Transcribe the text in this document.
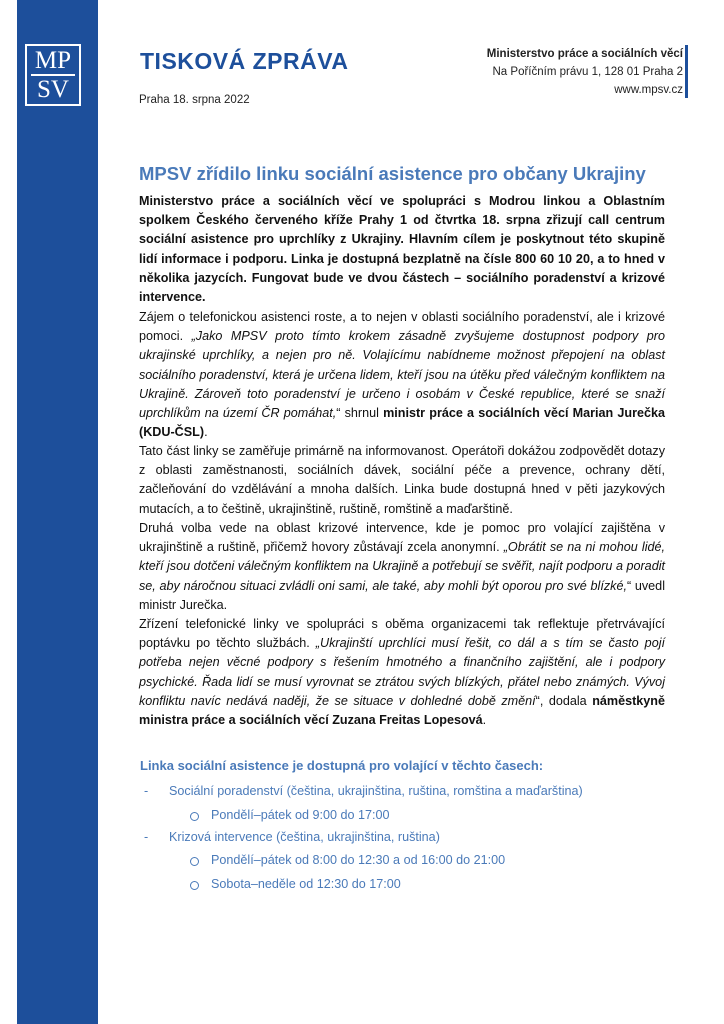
MP
SV
TISKOVÁ ZPRÁVA
Praha 18. srpna 2022
Ministerstvo práce a sociálních věcí
Na Poříčním právu 1, 128 01 Praha 2
www.mpsv.cz
MPSV zřídilo linku sociální asistence pro občany Ukrajiny

Ministerstvo práce a sociálních věcí ve spolupráci s Modrou linkou a Oblastním spolkem Českého červeného kříže Prahy 1 od čtvrtka 18. srpna zřizují call centrum sociální asistence pro uprchlíky z Ukrajiny. Hlavním cílem je poskytnout této skupině lidí informace i podporu. Linka je dostupná bezplatně na čísle 800 60 10 20, a to hned v několika jazycích. Fungovat bude ve dvou částech – sociálního poradenství a krizové intervence.

Zájem o telefonickou asistenci roste, a to nejen v oblasti sociálního poradenství, ale i krizové pomoci. „Jako MPSV proto tímto krokem zásadně zvyšujeme dostupnost podpory pro ukrajinské uprchlíky, a nejen pro ně. Volajícímu nabídneme možnost přepojení na oblast sociálního poradenství, která je určena lidem, kteří jsou na útěku před válečným konfliktem na Ukrajině. Zároveň toto poradenství je určeno i osobám v České republice, které se snaží uprchlíkům na území ČR pomáhat,“ shrnul ministr práce a sociálních věcí Marian Jurečka (KDU-ČSL).

Tato část linky se zaměřuje primárně na informovanost. Operátoři dokážou zodpovědět dotazy z oblasti zaměstnanosti, sociálních dávek, sociální péče a prevence, ochrany dětí, začleňování do vzdělávání a mnoha dalších. Linka bude dostupná hned v pěti jazykových mutacích, a to češtině, ukrajinštině, ruštině, romštině a maďarštině.

Druhá volba vede na oblast krizové intervence, kde je pomoc pro volající zajištěna v ukrajinštině a ruštině, přičemž hovory zůstávají zcela anonymní. „Obrátit se na ni mohou lidé, kteří jsou dotčeni válečným konfliktem na Ukrajině a potřebují se svěřit, najít podporu a poradit se, aby náročnou situaci zvládli oni sami, ale také, aby mohli být oporou pro své blízké,“ uvedl ministr Jurečka.

Zřízení telefonické linky ve spolupráci s oběma organizacemi tak reflektuje přetrvávající poptávku po těchto službách. „Ukrajinští uprchlíci musí řešit, co dál a s tím se často pojí potřeba nejen věcné podpory s řešením hmotného a finančního zajištění, ale i podpory psychické. Řada lidí se musí vyrovnat se ztrátou svých blízkých, přátel nebo známých. Vývoj konfliktu navíc nedává naději, že se situace v dohledné době změní“, dodala náměstkyně ministra práce a sociálních věcí Zuzana Freitas Lopesová.

Linka sociální asistence je dostupná pro volající v těchto časech:
- Sociální poradenství (čeština, ukrajinština, ruština, romština a maďarština)
Pondělí–pátek od 9:00 do 17:00
- Krizová intervence (čeština, ukrajinština, ruština)
Pondělí–pátek od 8:00 do 12:30 a od 16:00 do 21:00
Sobota–neděle od 12:30 do 17:00
